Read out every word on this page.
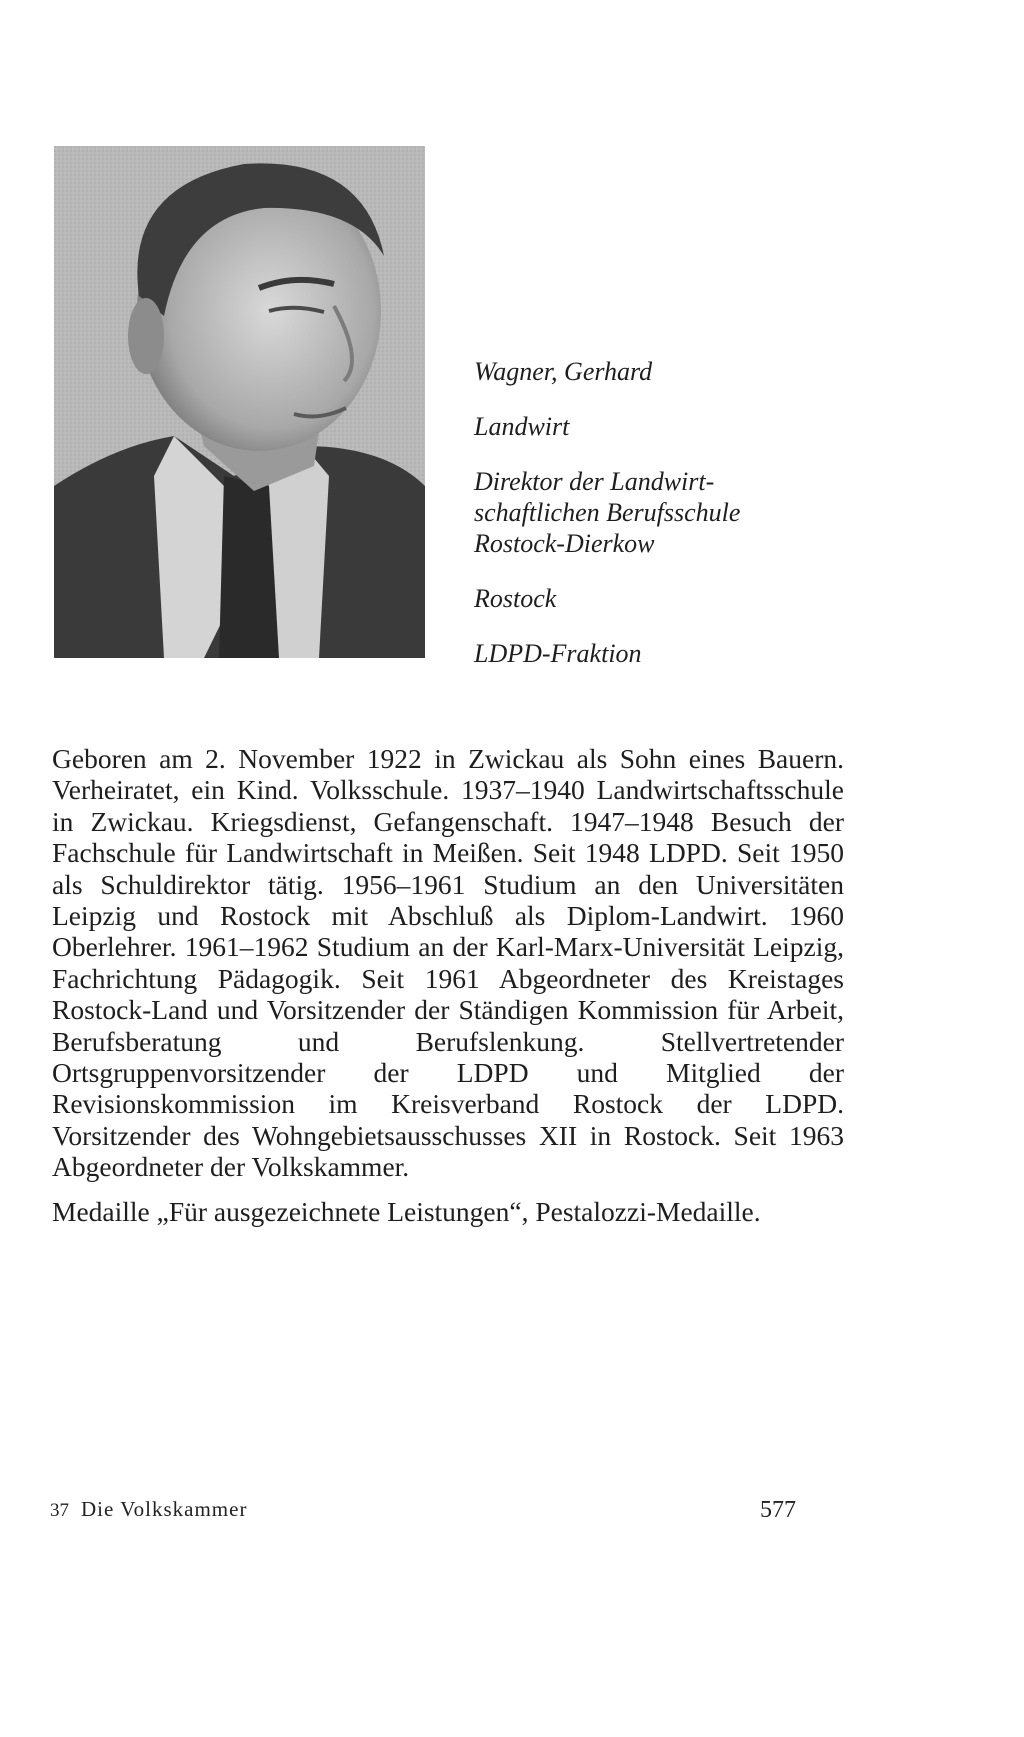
Wagner, Gerhard
Landwirt
Direktor der Landwirt-
schaftlichen Berufsschule
Rostock-Dierkow
Rostock
LDPD-Fraktion

Geboren am 2. November 1922 in Zwickau als Sohn eines Bauern. Verheiratet, ein Kind. Volksschule. 1937–1940 Landwirtschaftsschule in Zwickau. Kriegsdienst, Gefangenschaft. 1947–1948 Besuch der Fachschule für Landwirtschaft in Meißen. Seit 1948 LDPD. Seit 1950 als Schuldirektor tätig. 1956–1961 Studium an den Universitäten Leipzig und Rostock mit Abschluß als Diplom-Landwirt. 1960 Oberlehrer. 1961–1962 Studium an der Karl-Marx-Universität Leipzig, Fachrichtung Pädagogik. Seit 1961 Abgeordneter des Kreistages Rostock-Land und Vorsitzender der Ständigen Kommission für Arbeit, Berufsberatung und Berufslenkung. Stellvertretender Ortsgruppenvorsitzender der LDPD und Mitglied der Revisionskommission im Kreisverband Rostock der LDPD. Vorsitzender des Wohngebietsausschusses XII in Rostock. Seit 1963 Abgeordneter der Volkskammer.

Medaille „Für ausgezeichnete Leistungen“, Pestalozzi-Medaille.

37 Die Volkskammer	577
